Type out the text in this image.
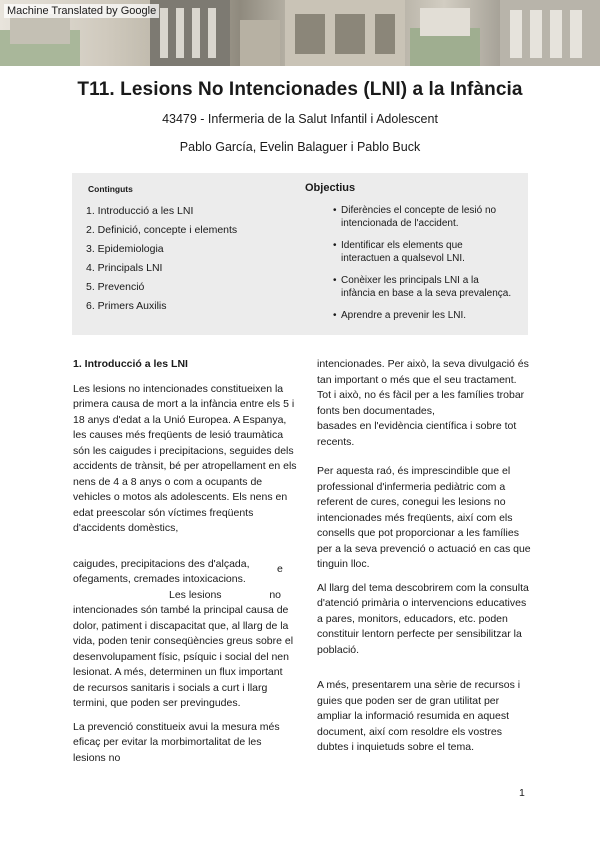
Machine Translated by Google
T11. Lesions No Intencionades (LNI) a la Infància
43479 - Infermeria de la Salut Infantil i Adolescent
Pablo García, Evelin Balaguer i Pablo Buck
Continguts
1. Introducció a les LNI
2. Definició, concepte i elements
3. Epidemiologia
4. Principals LNI
5. Prevenció
6. Primers Auxilis
Objectius
• Diferències el concepte de lesió no
intencionada de l'accident.
• Identificar els elements que
interactuen a qualsevol LNI.
• Conèixer les principals LNI a la
infància en base a la seva prevalença.
• Aprendre a prevenir les LNI.

1. Introducció a les LNI

Les lesions no intencionades constitueixen la primera causa de mort a la infància entre els 5 i 18 anys d'edat a la Unió Europea. A Espanya, les causes més freqüents de lesió traumàtica són les caigudes i precipitacions, seguides dels accidents de trànsit, bé per atropellament en els nens de 4 a 8 anys o com a ocupants de vehicles o motos als adolescents. Els nens en edat preescolar són víctimes freqüents d'accidents domèstics,

caigudes, precipitacions des d'alçada, ofegaments, cremades intoxicacions.

Les lesions	no

intencionades són també la principal causa de dolor, patiment i discapacitat que, al llarg de la vida, poden tenir conseqüències greus sobre el desenvolupament físic, psíquic i social del nen lesionat. A més, determinen un flux important de recursos sanitaris i socials a curt i llarg termini, que poden ser previngudes.

La prevenció constitueix avui la mesura més eficaç per evitar la morbimortalitat de les lesions no

e

intencionades. Per això, la seva divulgació és tan important o més que el seu tractament. Tot i això, no és fàcil per a les famílies trobar fonts ben documentades,

basades en l'evidència científica i sobre tot recents.

Per aquesta raó, és imprescindible que el professional d'infermeria pediàtric com a referent de cures, conegui les lesions no intencionades més freqüents, així com els consells que pot proporcionar a les famílies per a la seva prevenció o actuació en cas que tinguin lloc.

Al llarg del tema descobrirem com la consulta d'atenció primària o intervencions educatives a pares, monitors, educadors, etc. poden constituir lentorn perfecte per sensibilitzar la població.

A més, presentarem una sèrie de recursos i guies que poden ser de gran utilitat per ampliar la informació resumida en aquest document, així com resoldre els vostres dubtes i inquietuds sobre el tema.

1
